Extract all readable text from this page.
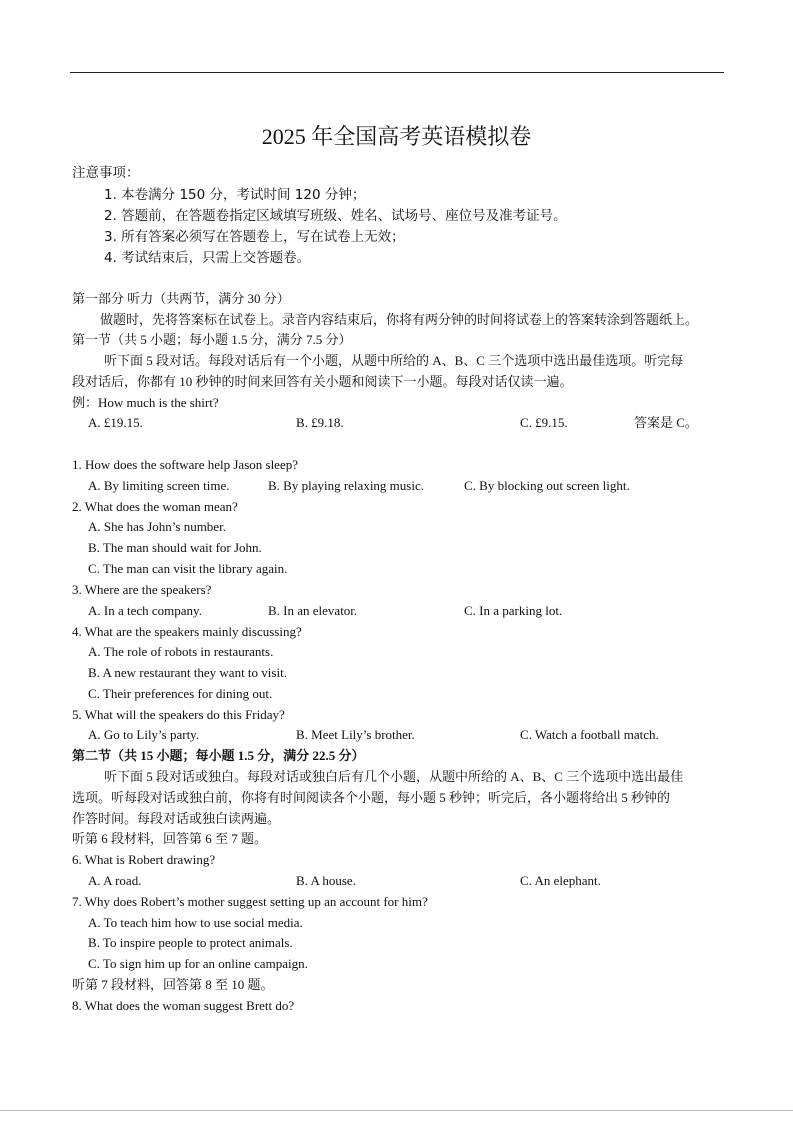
2025 年全国高考英语模拟卷
注意事项：
1. 本卷满分 150 分，考试时间 120 分钟；
2. 答题前，在答题卷指定区域填写班级、姓名、试场号、座位号及准考证号。
3. 所有答案必须写在答题卷上，写在试卷上无效；
4. 考试结束后，只需上交答题卷。
第一部分 听力（共两节，满分 30 分）
做题时，先将答案标在试卷上。录音内容结束后，你将有两分钟的时间将试卷上的答案转涂到答题纸上。
第一节（共 5 小题；每小题 1.5 分，满分 7.5 分）
听下面 5 段对话。每段对话后有一个小题，从题中所给的 A、B、C 三个选项中选出最佳选项。听完每
段对话后，你都有 10 秒钟的时间来回答有关小题和阅读下一小题。每段对话仅读一遍。
例：How much is the shirt?
A. £19.15.	B. £9.18.	C. £9.15.	答案是 C。
1. How does the software help Jason sleep?
A. By limiting screen time.	B. By playing relaxing music.	C. By blocking out screen light.
2. What does the woman mean?
A. She has John’s number.
B. The man should wait for John.
C. The man can visit the library again.
3. Where are the speakers?
A. In a tech company.	B. In an elevator.	C. In a parking lot.
4. What are the speakers mainly discussing?
A. The role of robots in restaurants.
B. A new restaurant they want to visit.
C. Their preferences for dining out.
5. What will the speakers do this Friday?
A. Go to Lily’s party.	B. Meet Lily’s brother.	C. Watch a football match.
第二节（共 15 小题；每小题 1.5 分，满分 22.5 分）
听下面 5 段对话或独白。每段对话或独白后有几个小题，从题中所给的 A、B、C 三个选项中选出最佳
选项。听每段对话或独白前，你将有时间阅读各个小题，每小题 5 秒钟；听完后，各小题将给出 5 秒钟的
作答时间。每段对话或独白读两遍。
听第 6 段材料，回答第 6 至 7 题。
6. What is Robert drawing?
A. A road.	B. A house.	C. An elephant.
7. Why does Robert’s mother suggest setting up an account for him?
A. To teach him how to use social media.
B. To inspire people to protect animals.
C. To sign him up for an online campaign.
听第 7 段材料，回答第 8 至 10 题。
8. What does the woman suggest Brett do?
